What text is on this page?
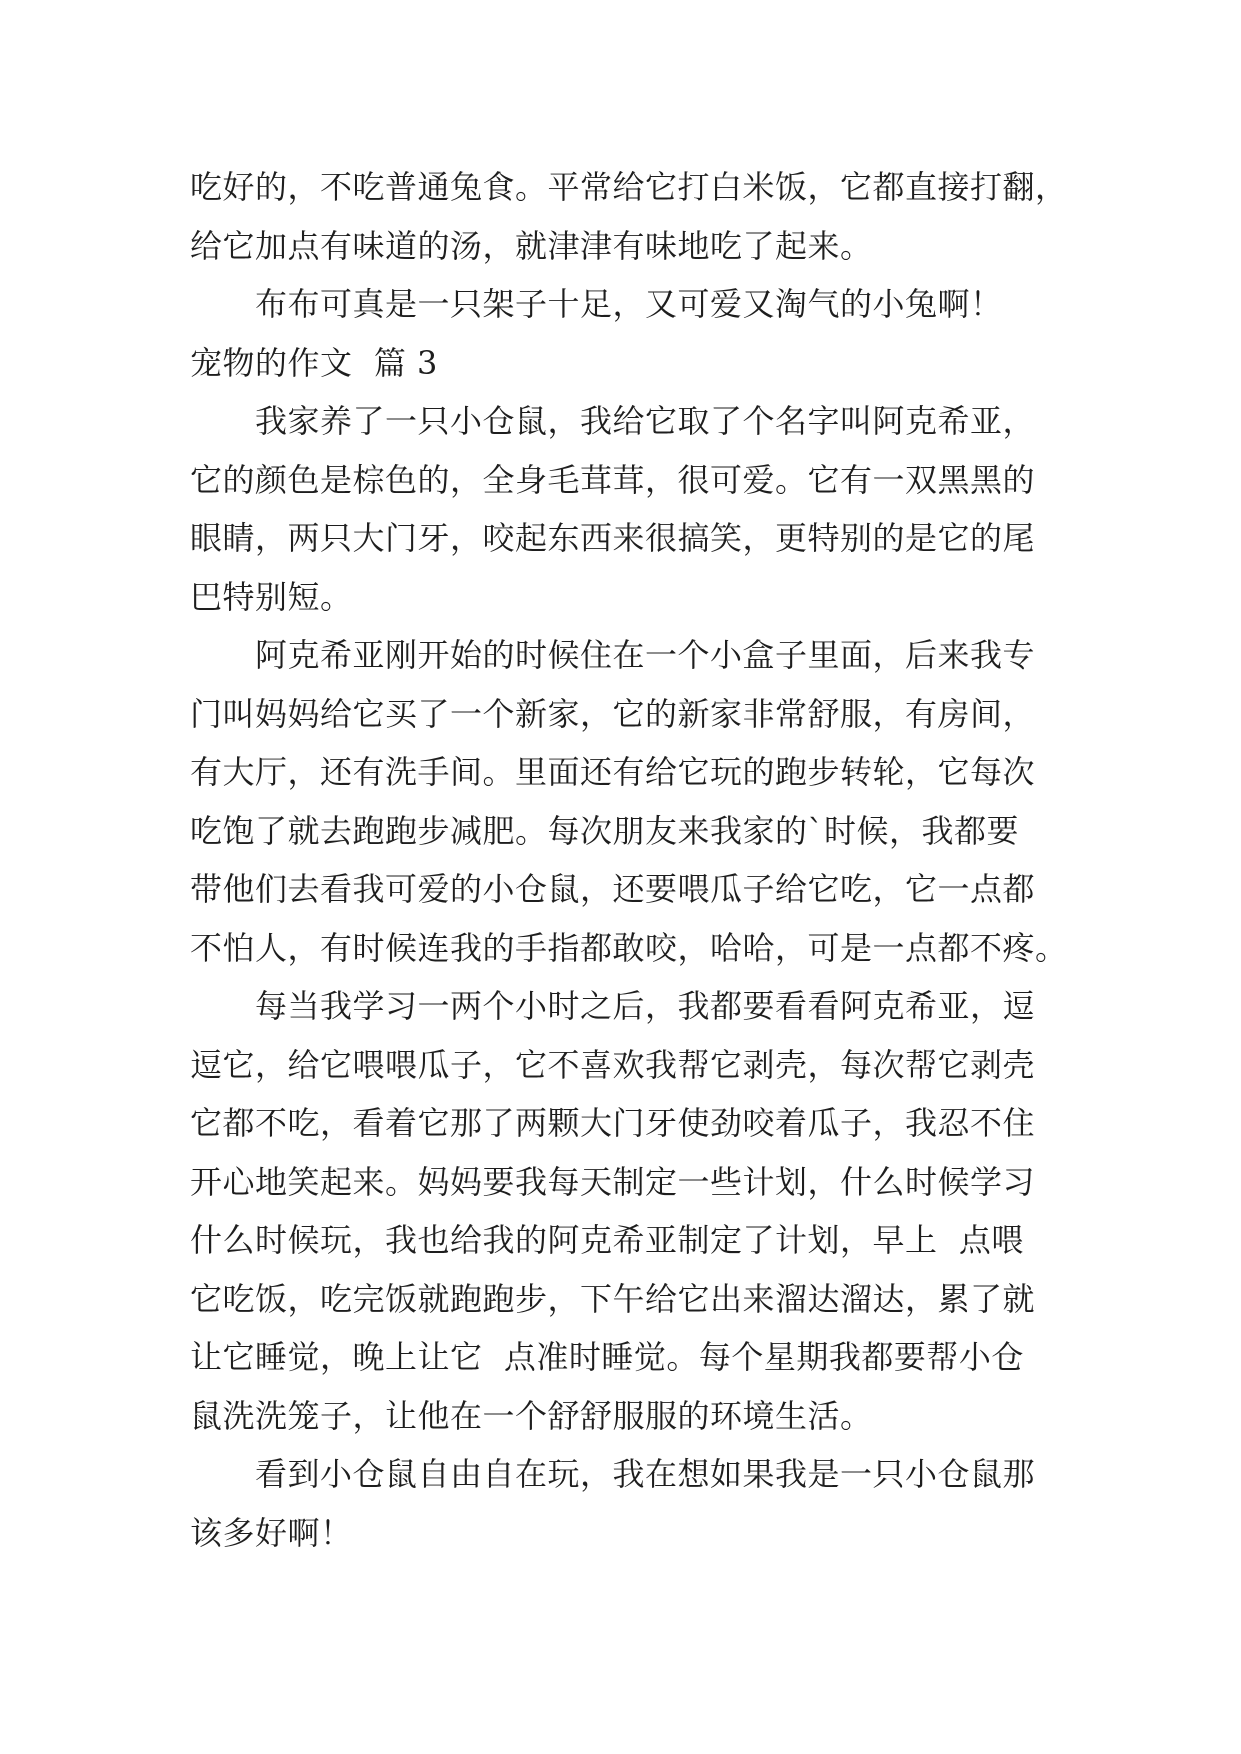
吃好的，不吃普通兔食。平常给它打白米饭，它都直接打翻，
给它加点有味道的汤，就津津有味地吃了起来。
布布可真是一只架子十足，又可爱又淘气的小兔啊！
宠物的作文  篇 3
我家养了一只小仓鼠，我给它取了个名字叫阿克希亚，
它的颜色是棕色的，全身毛茸茸，很可爱。它有一双黑黑的
眼睛，两只大门牙，咬起东西来很搞笑，更特别的是它的尾
巴特别短。
阿克希亚刚开始的时候住在一个小盒子里面，后来我专
门叫妈妈给它买了一个新家，它的新家非常舒服，有房间，
有大厅，还有洗手间。里面还有给它玩的跑步转轮，它每次
吃饱了就去跑跑步减肥。每次朋友来我家的`时候，我都要
带他们去看我可爱的小仓鼠，还要喂瓜子给它吃，它一点都
不怕人，有时候连我的手指都敢咬，哈哈，可是一点都不疼。
每当我学习一两个小时之后，我都要看看阿克希亚，逗
逗它，给它喂喂瓜子，它不喜欢我帮它剥壳，每次帮它剥壳
它都不吃，看着它那了两颗大门牙使劲咬着瓜子，我忍不住
开心地笑起来。妈妈要我每天制定一些计划，什么时候学习
什么时候玩，我也给我的阿克希亚制定了计划，早上  点喂
它吃饭，吃完饭就跑跑步，下午给它出来溜达溜达，累了就
让它睡觉，晚上让它  点准时睡觉。每个星期我都要帮小仓
鼠洗洗笼子，让他在一个舒舒服服的环境生活。
看到小仓鼠自由自在玩，我在想如果我是一只小仓鼠那
该多好啊！
